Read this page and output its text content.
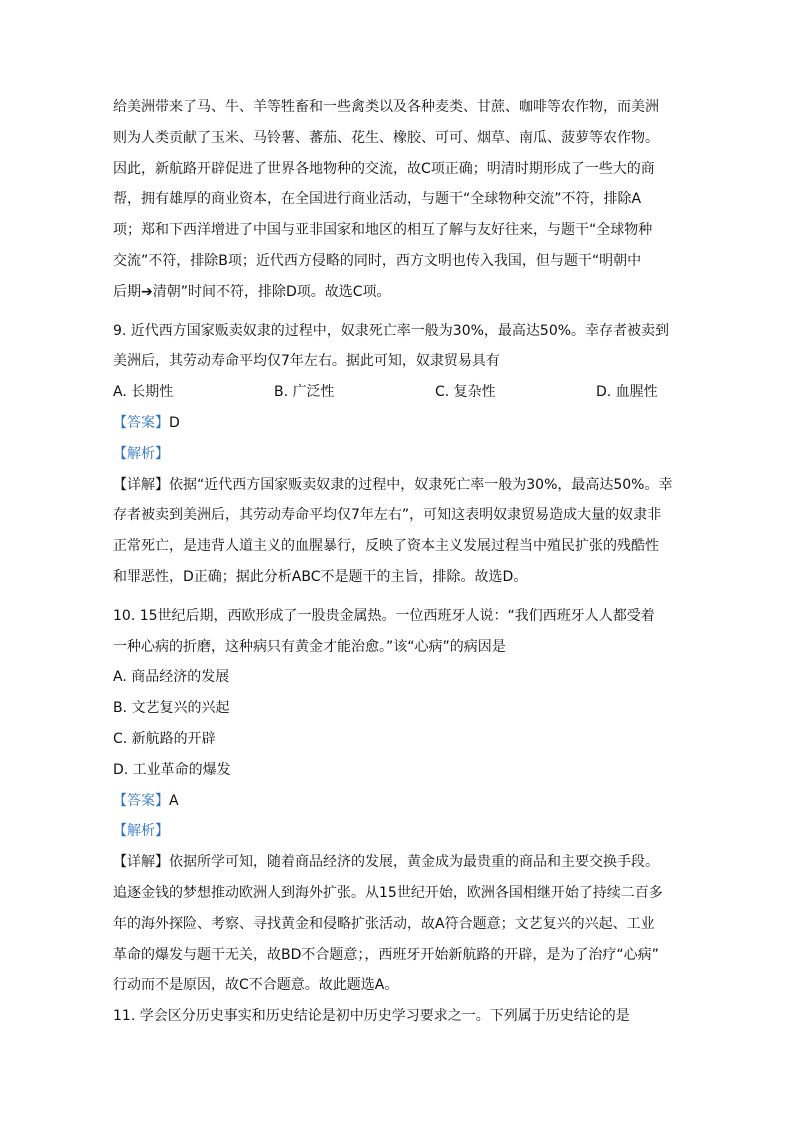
给美洲带来了马、牛、羊等牲畜和一些禽类以及各种麦类、甘蔗、咖啡等农作物，而美洲
则为人类贡献了玉米、马铃薯、蕃茄、花生、橡胶、可可、烟草、南瓜、菠萝等农作物。
因此，新航路开辟促进了世界各地物种的交流，故C项正确；明清时期形成了一些大的商
帮，拥有雄厚的商业资本，在全国进行商业活动，与题干“全球物种交流”不符，排除A
项；郑和下西洋增进了中国与亚非国家和地区的相互了解与友好往来，与题干“全球物种
交流”不符，排除B项；近代西方侵略的同时，西方文明也传入我国，但与题干“明朝中
后期➔清朝”时间不符，排除D项。故选C项。
9. 近代西方国家贩卖奴隶的过程中，奴隶死亡率一般为30%，最高达50%。幸存者被卖到
美洲后，其劳动寿命平均仅7年左右。据此可知，奴隶贸易具有
A. 长期性	B. 广泛性	C. 复杂性	D. 血腥性
【答案】D
【解析】
【详解】依据“近代西方国家贩卖奴隶的过程中，奴隶死亡率一般为30%，最高达50%。幸
存者被卖到美洲后，其劳动寿命平均仅7年左右”，可知这表明奴隶贸易造成大量的奴隶非
正常死亡，是违背人道主义的血腥暴行，反映了资本主义发展过程当中殖民扩张的残酷性
和罪恶性，D正确；据此分析ABC不是题干的主旨，排除。故选D。
10. 15世纪后期，西欧形成了一股贵金属热。一位西班牙人说：“我们西班牙人人都受着
一种心病的折磨，这种病只有黄金才能治愈。”该“心病”的病因是
A. 商品经济的发展
B. 文艺复兴的兴起
C. 新航路的开辟
D. 工业革命的爆发
【答案】A
【解析】
【详解】依据所学可知，随着商品经济的发展，黄金成为最贵重的商品和主要交换手段。
追逐金钱的梦想推动欧洲人到海外扩张。从15世纪开始，欧洲各国相继开始了持续二百多
年的海外探险、考察、寻找黄金和侵略扩张活动，故A符合题意；文艺复兴的兴起、工业
革命的爆发与题干无关，故BD不合题意；，西班牙开始新航路的开辟，是为了治疗“心病”
行动而不是原因，故C不合题意。故此题选A。
11. 学会区分历史事实和历史结论是初中历史学习要求之一。下列属于历史结论的是
